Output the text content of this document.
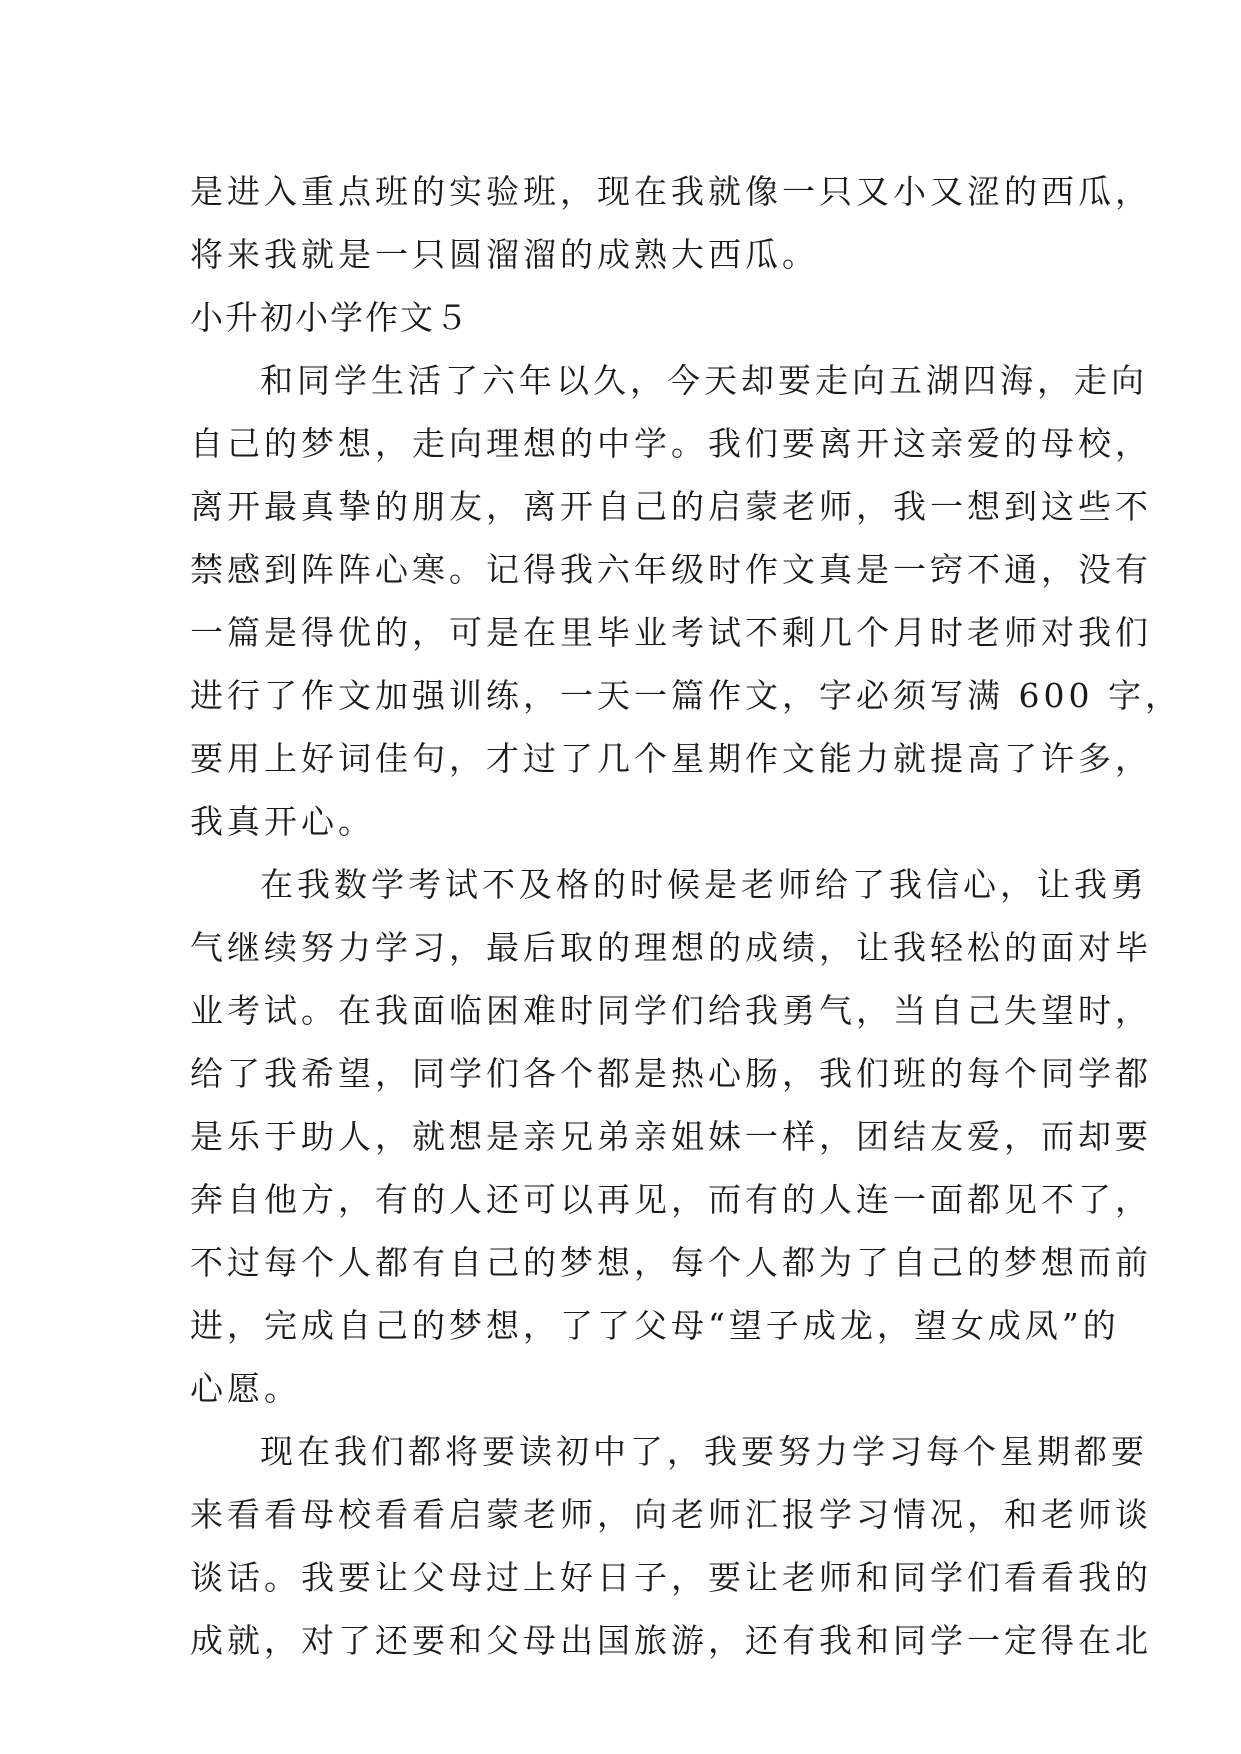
是进入重点班的实验班，现在我就像一只又小又涩的西瓜，
将来我就是一只圆溜溜的成熟大西瓜。
小升初小学作文５
和同学生活了六年以久，今天却要走向五湖四海，走向
自己的梦想，走向理想的中学。我们要离开这亲爱的母校，
离开最真挚的朋友，离开自己的启蒙老师，我一想到这些不
禁感到阵阵心寒。记得我六年级时作文真是一窍不通，没有
一篇是得优的，可是在里毕业考试不剩几个月时老师对我们
进行了作文加强训练，一天一篇作文，字必须写满 600 字，
要用上好词佳句，才过了几个星期作文能力就提高了许多，
我真开心。
在我数学考试不及格的时候是老师给了我信心，让我勇
气继续努力学习，最后取的理想的成绩，让我轻松的面对毕
业考试。在我面临困难时同学们给我勇气，当自己失望时，
给了我希望，同学们各个都是热心肠，我们班的每个同学都
是乐于助人，就想是亲兄弟亲姐妹一样，团结友爱，而却要
奔自他方，有的人还可以再见，而有的人连一面都见不了，
不过每个人都有自己的梦想，每个人都为了自己的梦想而前
进，完成自己的梦想，了了父母“望子成龙，望女成凤”的
心愿。
现在我们都将要读初中了，我要努力学习每个星期都要
来看看母校看看启蒙老师，向老师汇报学习情况，和老师谈
谈话。我要让父母过上好日子，要让老师和同学们看看我的
成就，对了还要和父母出国旅游，还有我和同学一定得在北
